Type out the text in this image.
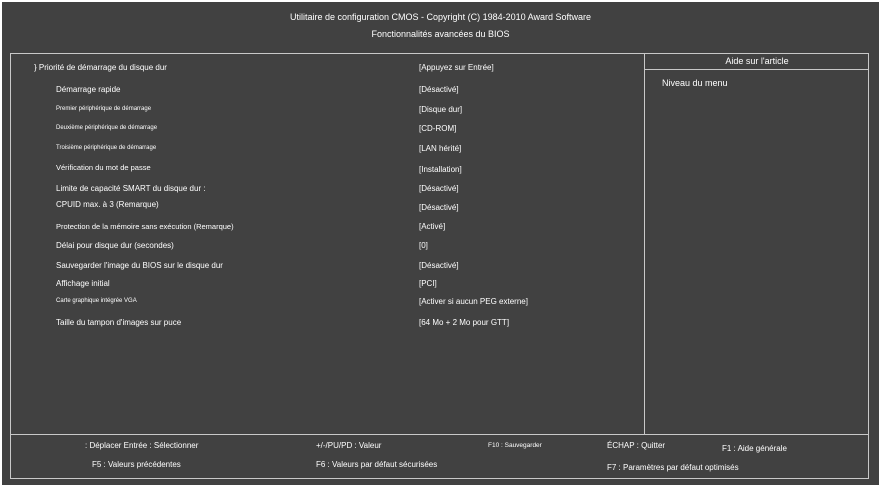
Utilitaire de configuration CMOS - Copyright (C) 1984-2010 Award Software
Fonctionnalités avancées du BIOS
} Priorité de démarrage du disque dur	[Appuyez sur Entrée]
Démarrage rapide	[Désactivé]
Premier périphérique de démarrage	[Disque dur]
Deuxième périphérique de démarrage	[CD-ROM]
Troisième périphérique de démarrage	[LAN hérité]
Vérification du mot de passe	[Installation]
Limite de capacité SMART du disque dur :	[Désactivé]
CPUID max. à 3 (Remarque)	[Désactivé]
Protection de la mémoire sans exécution (Remarque)	[Activé]
Délai pour disque dur (secondes)	[0]
Sauvegarder l'image du BIOS sur le disque dur	[Désactivé]
Affichage initial	[PCI]
Carte graphique intégrée VGA	[Activer si aucun PEG externe]
Taille du tampon d'images sur puce	[64 Mo + 2 Mo pour GTT]
Aide sur l'article
Niveau du menu
: Déplacer Entrée : Sélectionner	+/-/PU/PD : Valeur	F10 : Sauvegarder	ÉCHAP : Quitter	F1 : Aide générale
F5 : Valeurs précédentes	F6 : Valeurs par défaut sécurisées	F7 : Paramètres par défaut optimisés
